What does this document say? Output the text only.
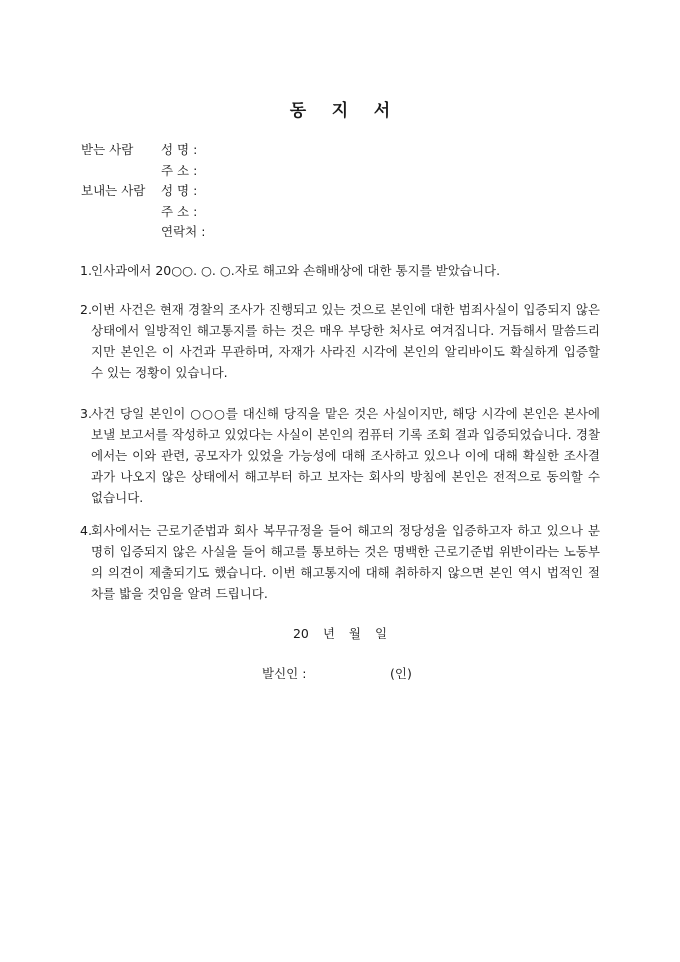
동 지 서
받는 사람 성 명 :
주 소 :
보내는 사람 성 명 :
주 소 :
연락처 :
1. 인사과에서 20○○. ○. ○.자로 해고와 손해배상에 대한 통지를 받았습니다.
2. 이번 사건은 현재 경찰의 조사가 진행되고 있는 것으로 본인에 대한 범죄사실이 입증되지 않은 상태에서 일방적인 해고통지를 하는 것은 매우 부당한 처사로 여겨집니다. 거듭해서 말씀드리지만 본인은 이 사건과 무관하며, 자재가 사라진 시각에 본인의 알리바이도 확실하게 입증할 수 있는 정황이 있습니다.
3. 사건 당일 본인이 ○○○를 대신해 당직을 맡은 것은 사실이지만, 해당 시각에 본인은 본사에 보낼 보고서를 작성하고 있었다는 사실이 본인의 컴퓨터 기록 조회 결과 입증되었습니다. 경찰에서는 이와 관련, 공모자가 있었을 가능성에 대해 조사하고 있으나 이에 대해 확실한 조사결과가 나오지 않은 상태에서 해고부터 하고 보자는 회사의 방침에 본인은 전적으로 동의할 수 없습니다.
4. 회사에서는 근로기준법과 회사 복무규정을 들어 해고의 정당성을 입증하고자 하고 있으나 분명히 입증되지 않은 사실을 들어 해고를 통보하는 것은 명백한 근로기준법 위반이라는 노동부의 의견이 제출되기도 했습니다. 이번 해고통지에 대해 취하하지 않으면 본인 역시 법적인 절차를 밟을 것임을 알려 드립니다.
20 년 월 일
발신인 :	(인)
